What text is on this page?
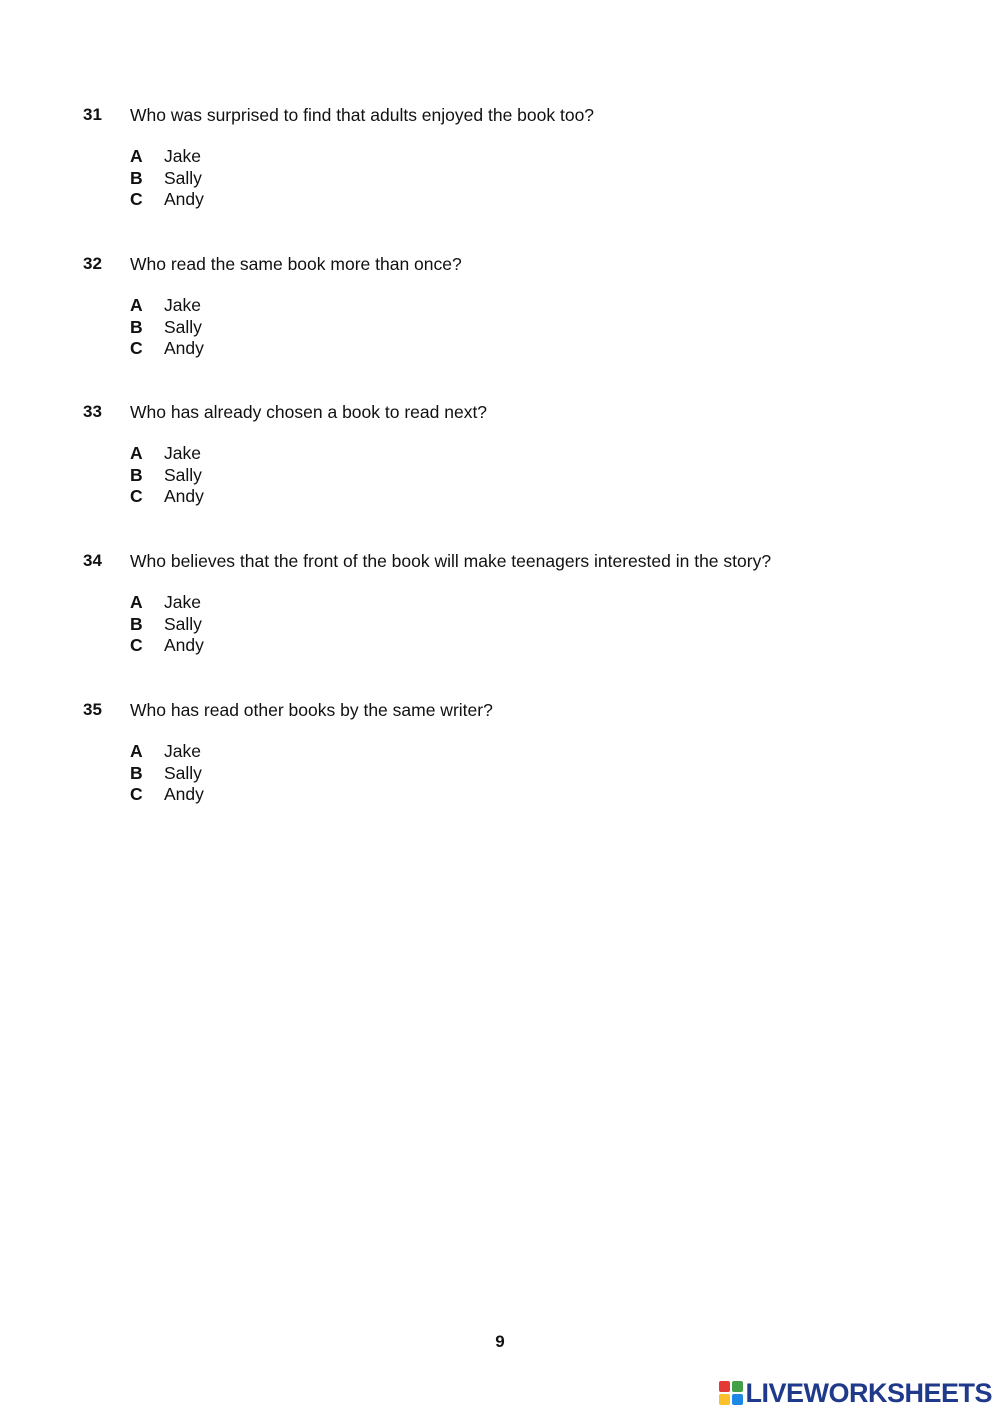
31 Who was surprised to find that adults enjoyed the book too?
A Jake
B Sally
C Andy
32 Who read the same book more than once?
A Jake
B Sally
C Andy
33 Who has already chosen a book to read next?
A Jake
B Sally
C Andy
34 Who believes that the front of the book will make teenagers interested in the story?
A Jake
B Sally
C Andy
35 Who has read other books by the same writer?
A Jake
B Sally
C Andy
9
LIVEWORKSHEETS
